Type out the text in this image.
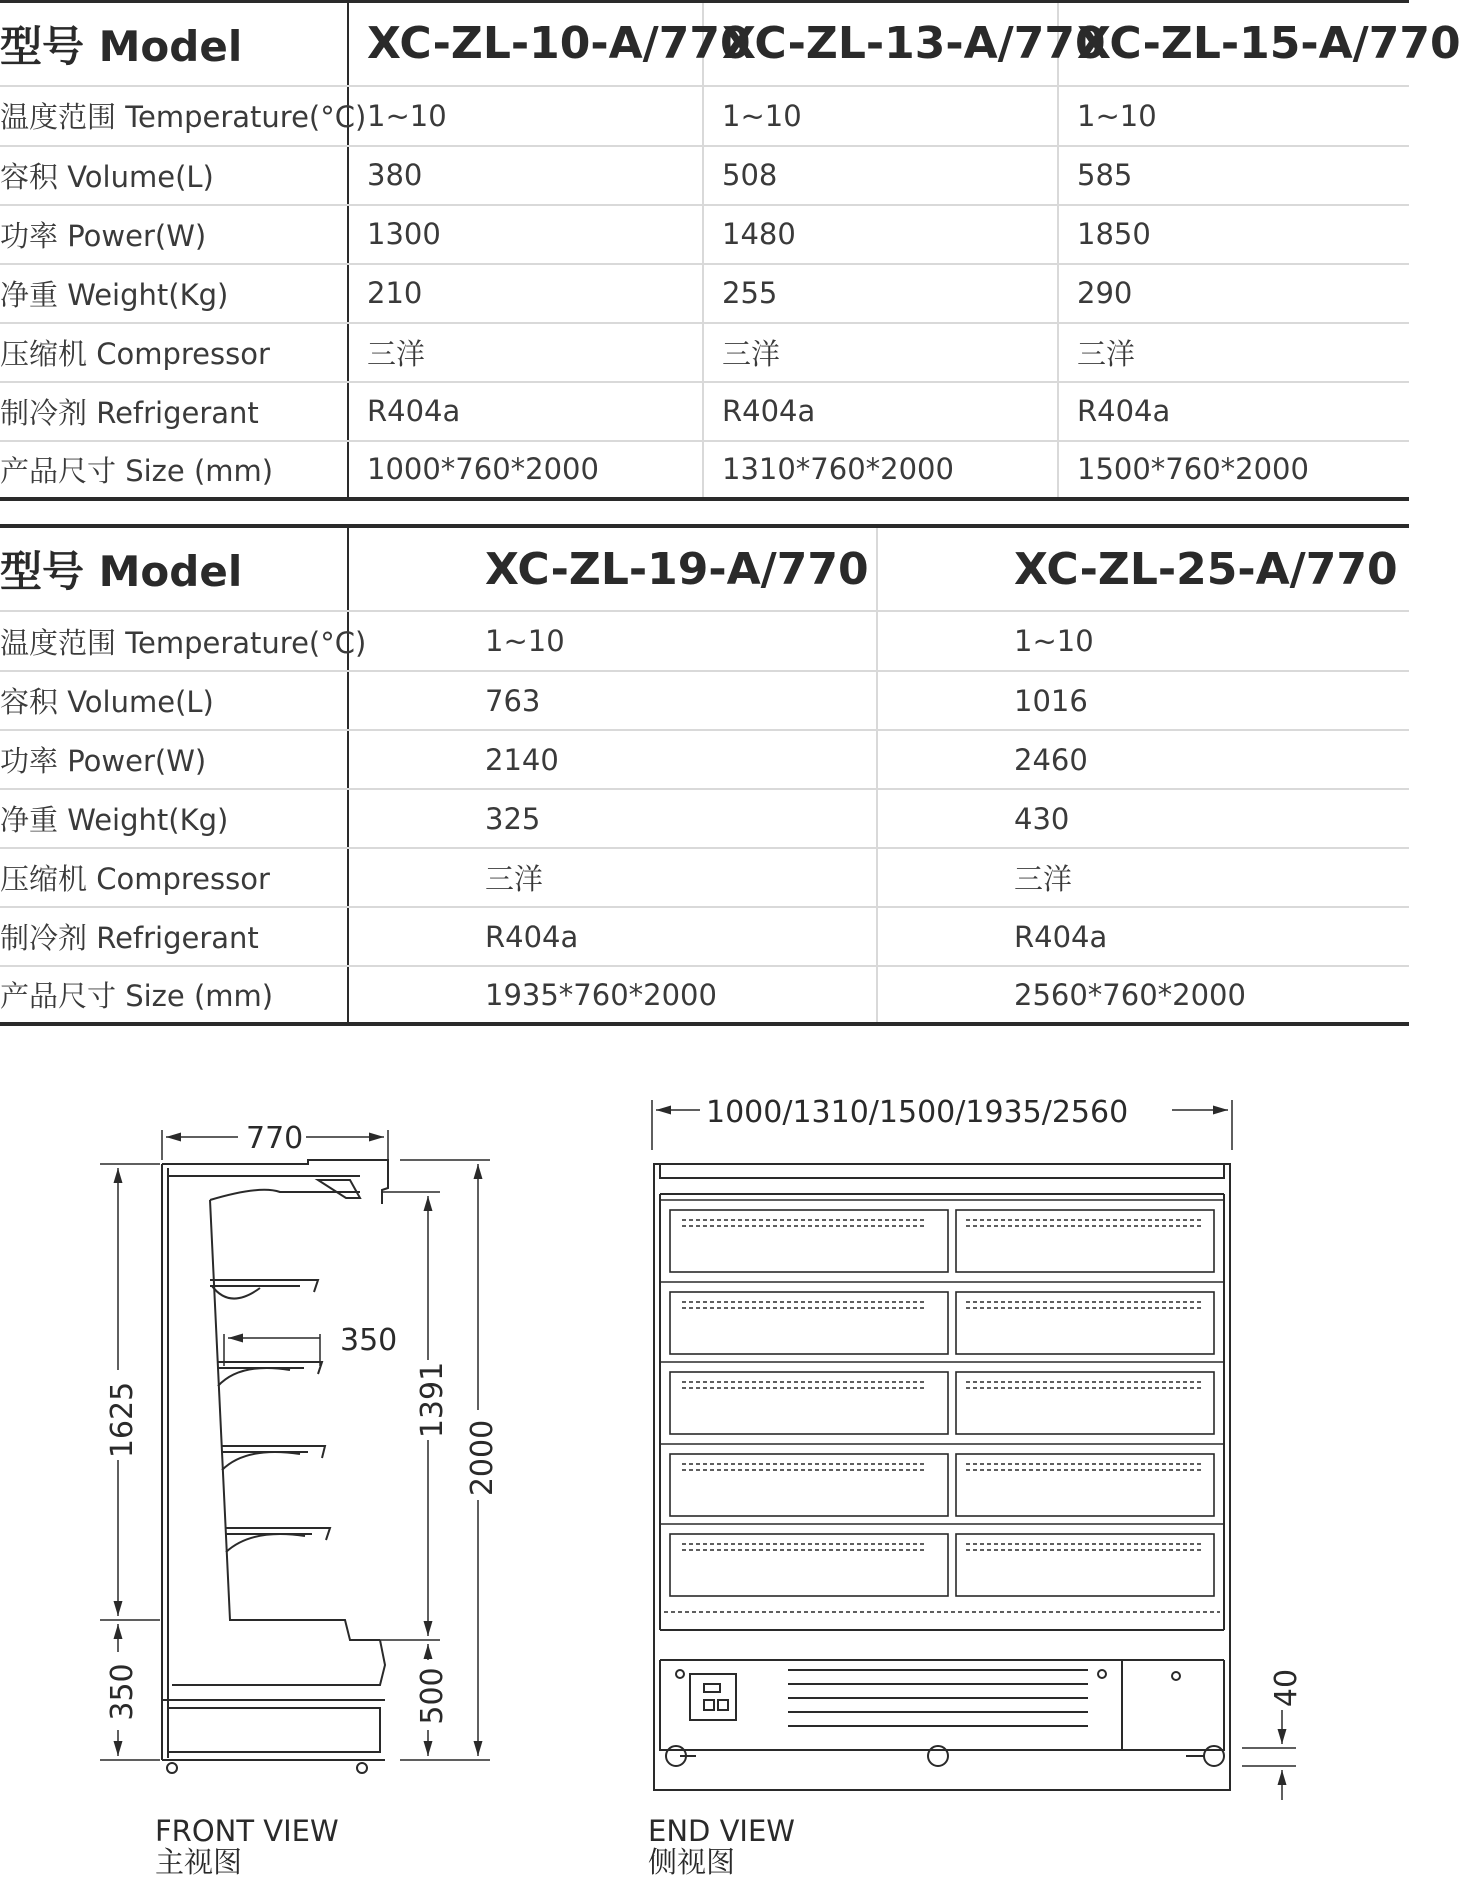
型号 Model	XC-ZL-10-A/770	XC-ZL-13-A/770	XC-ZL-15-A/770
温度范围 Temperature(°C)	1~10	1~10	1~10
容积 Volume(L)	380	508	585
功率 Power(W)	1300	1480	1850
净重 Weight(Kg)	210	255	290
压缩机 Compressor	三洋	三洋	三洋
制冷剂 Refrigerant	R404a	R404a	R404a
产品尺寸 Size (mm)	1000*760*2000	1310*760*2000	1500*760*2000
型号 Model	XC-ZL-19-A/770	XC-ZL-25-A/770
温度范围 Temperature(°C)	1~10	1~10
容积 Volume(L)	763	1016
功率 Power(W)	2140	2460
净重 Weight(Kg)	325	430
压缩机 Compressor	三洋	三洋
制冷剂 Refrigerant	R404a	R404a
产品尺寸 Size (mm)	1935*760*2000	2560*760*2000
770
350
1625
350
1391
500
2000
1000/1310/1500/1935/2560
40
FRONT VIEW
主视图
END VIEW
侧视图
